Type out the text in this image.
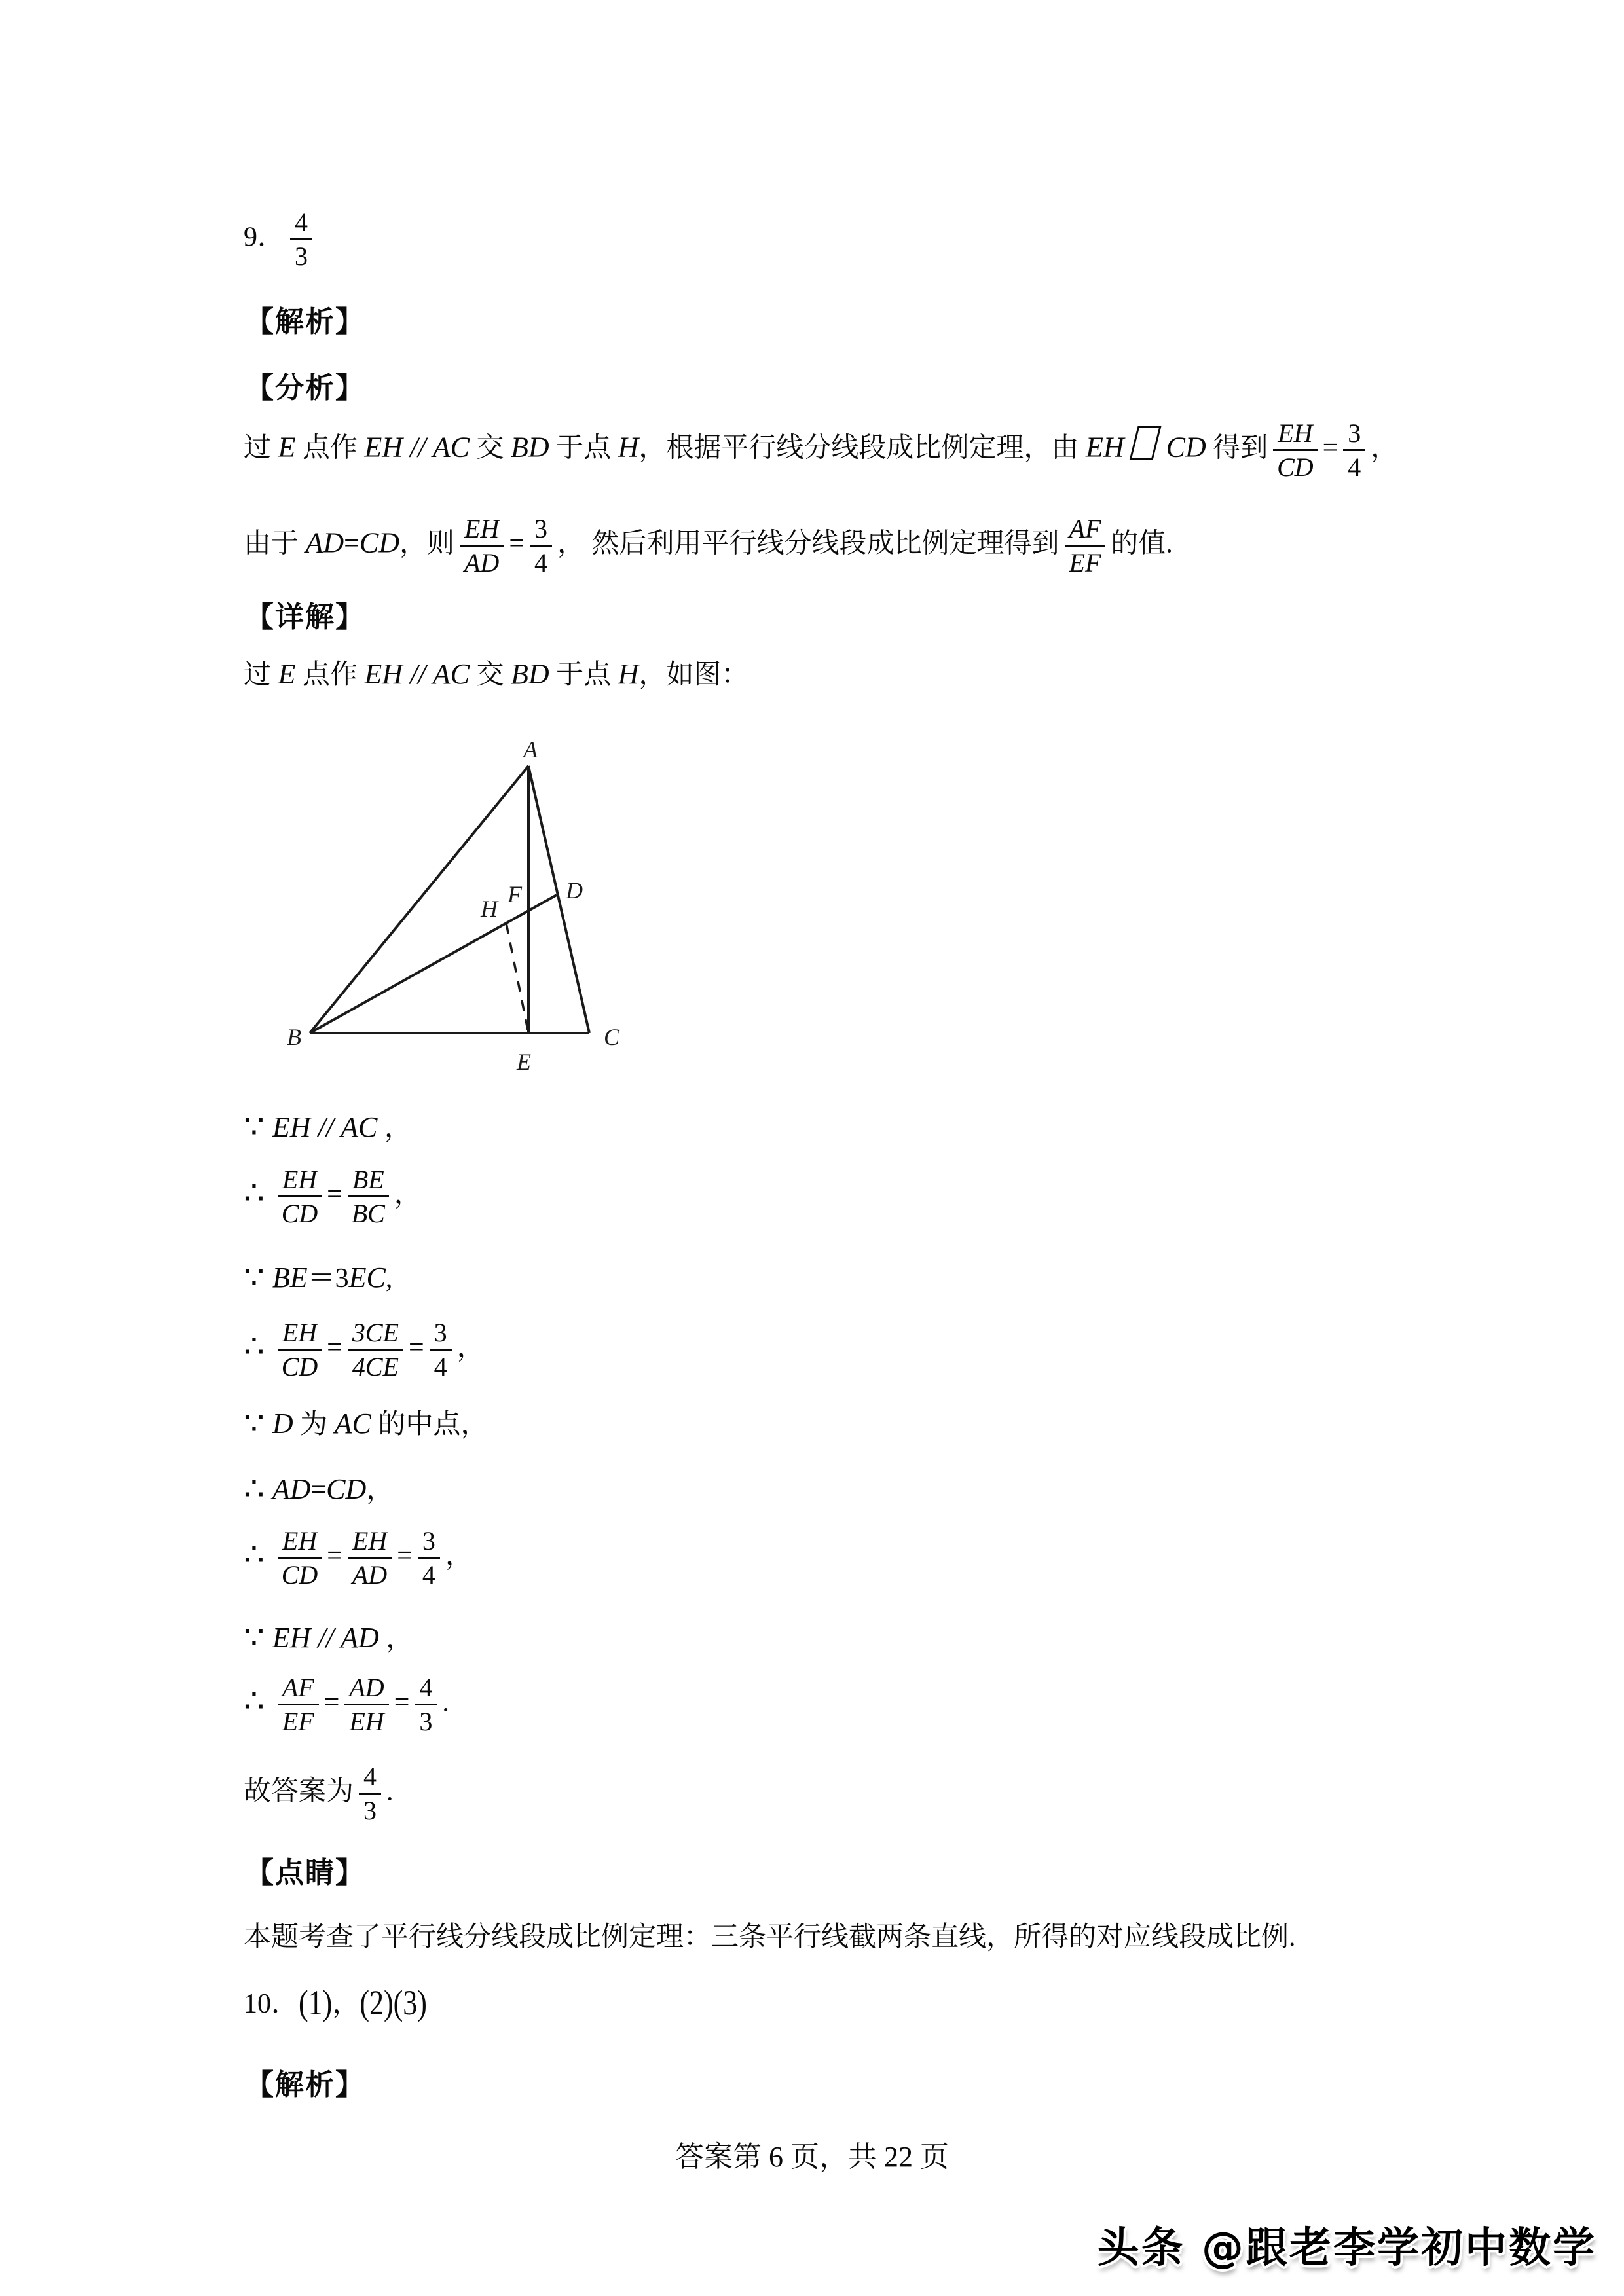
9． $\frac{4}{3}$
【解析】
【分析】
过 E 点作 EH // AC 交 BD 于点 H，根据平行线分线段成比例定理，由 EH CD 得到 $\frac{EH}{CD} = \frac{3}{4}$ ，
由于 AD=CD，则 $\frac{EH}{AD} = \frac{3}{4}$ ， 然后利用平行线分线段成比例定理得到 $\frac{AF}{EF}$ 的值.
【详解】
过 E 点作 EH // AC 交 BD 于点 H，如图：
A
B	C
D
E
F
H
∵ EH // AC ，
∴ $\frac{EH}{CD} = \frac{BE}{BC}$ ，
∵ BE＝3EC,
∴ $\frac{EH}{CD} = \frac{3CE}{4CE} = \frac{3}{4}$ ，
∵ D 为 AC 的中点，
∴ AD=CD，
∴ $\frac{EH}{CD} = \frac{EH}{AD} = \frac{3}{4}$ ，
∵ EH // AD ，
∴ $\frac{AF}{EF} = \frac{AD}{EH} = \frac{4}{3}$ .
故答案为 $\frac{4}{3}$ .
【点睛】
本题考查了平行线分线段成比例定理：三条平行线截两条直线，所得的对应线段成比例.
10．(1)，(2)(3)
【解析】
答案第 6 页，共 22 页
头条 @跟老李学初中数学
